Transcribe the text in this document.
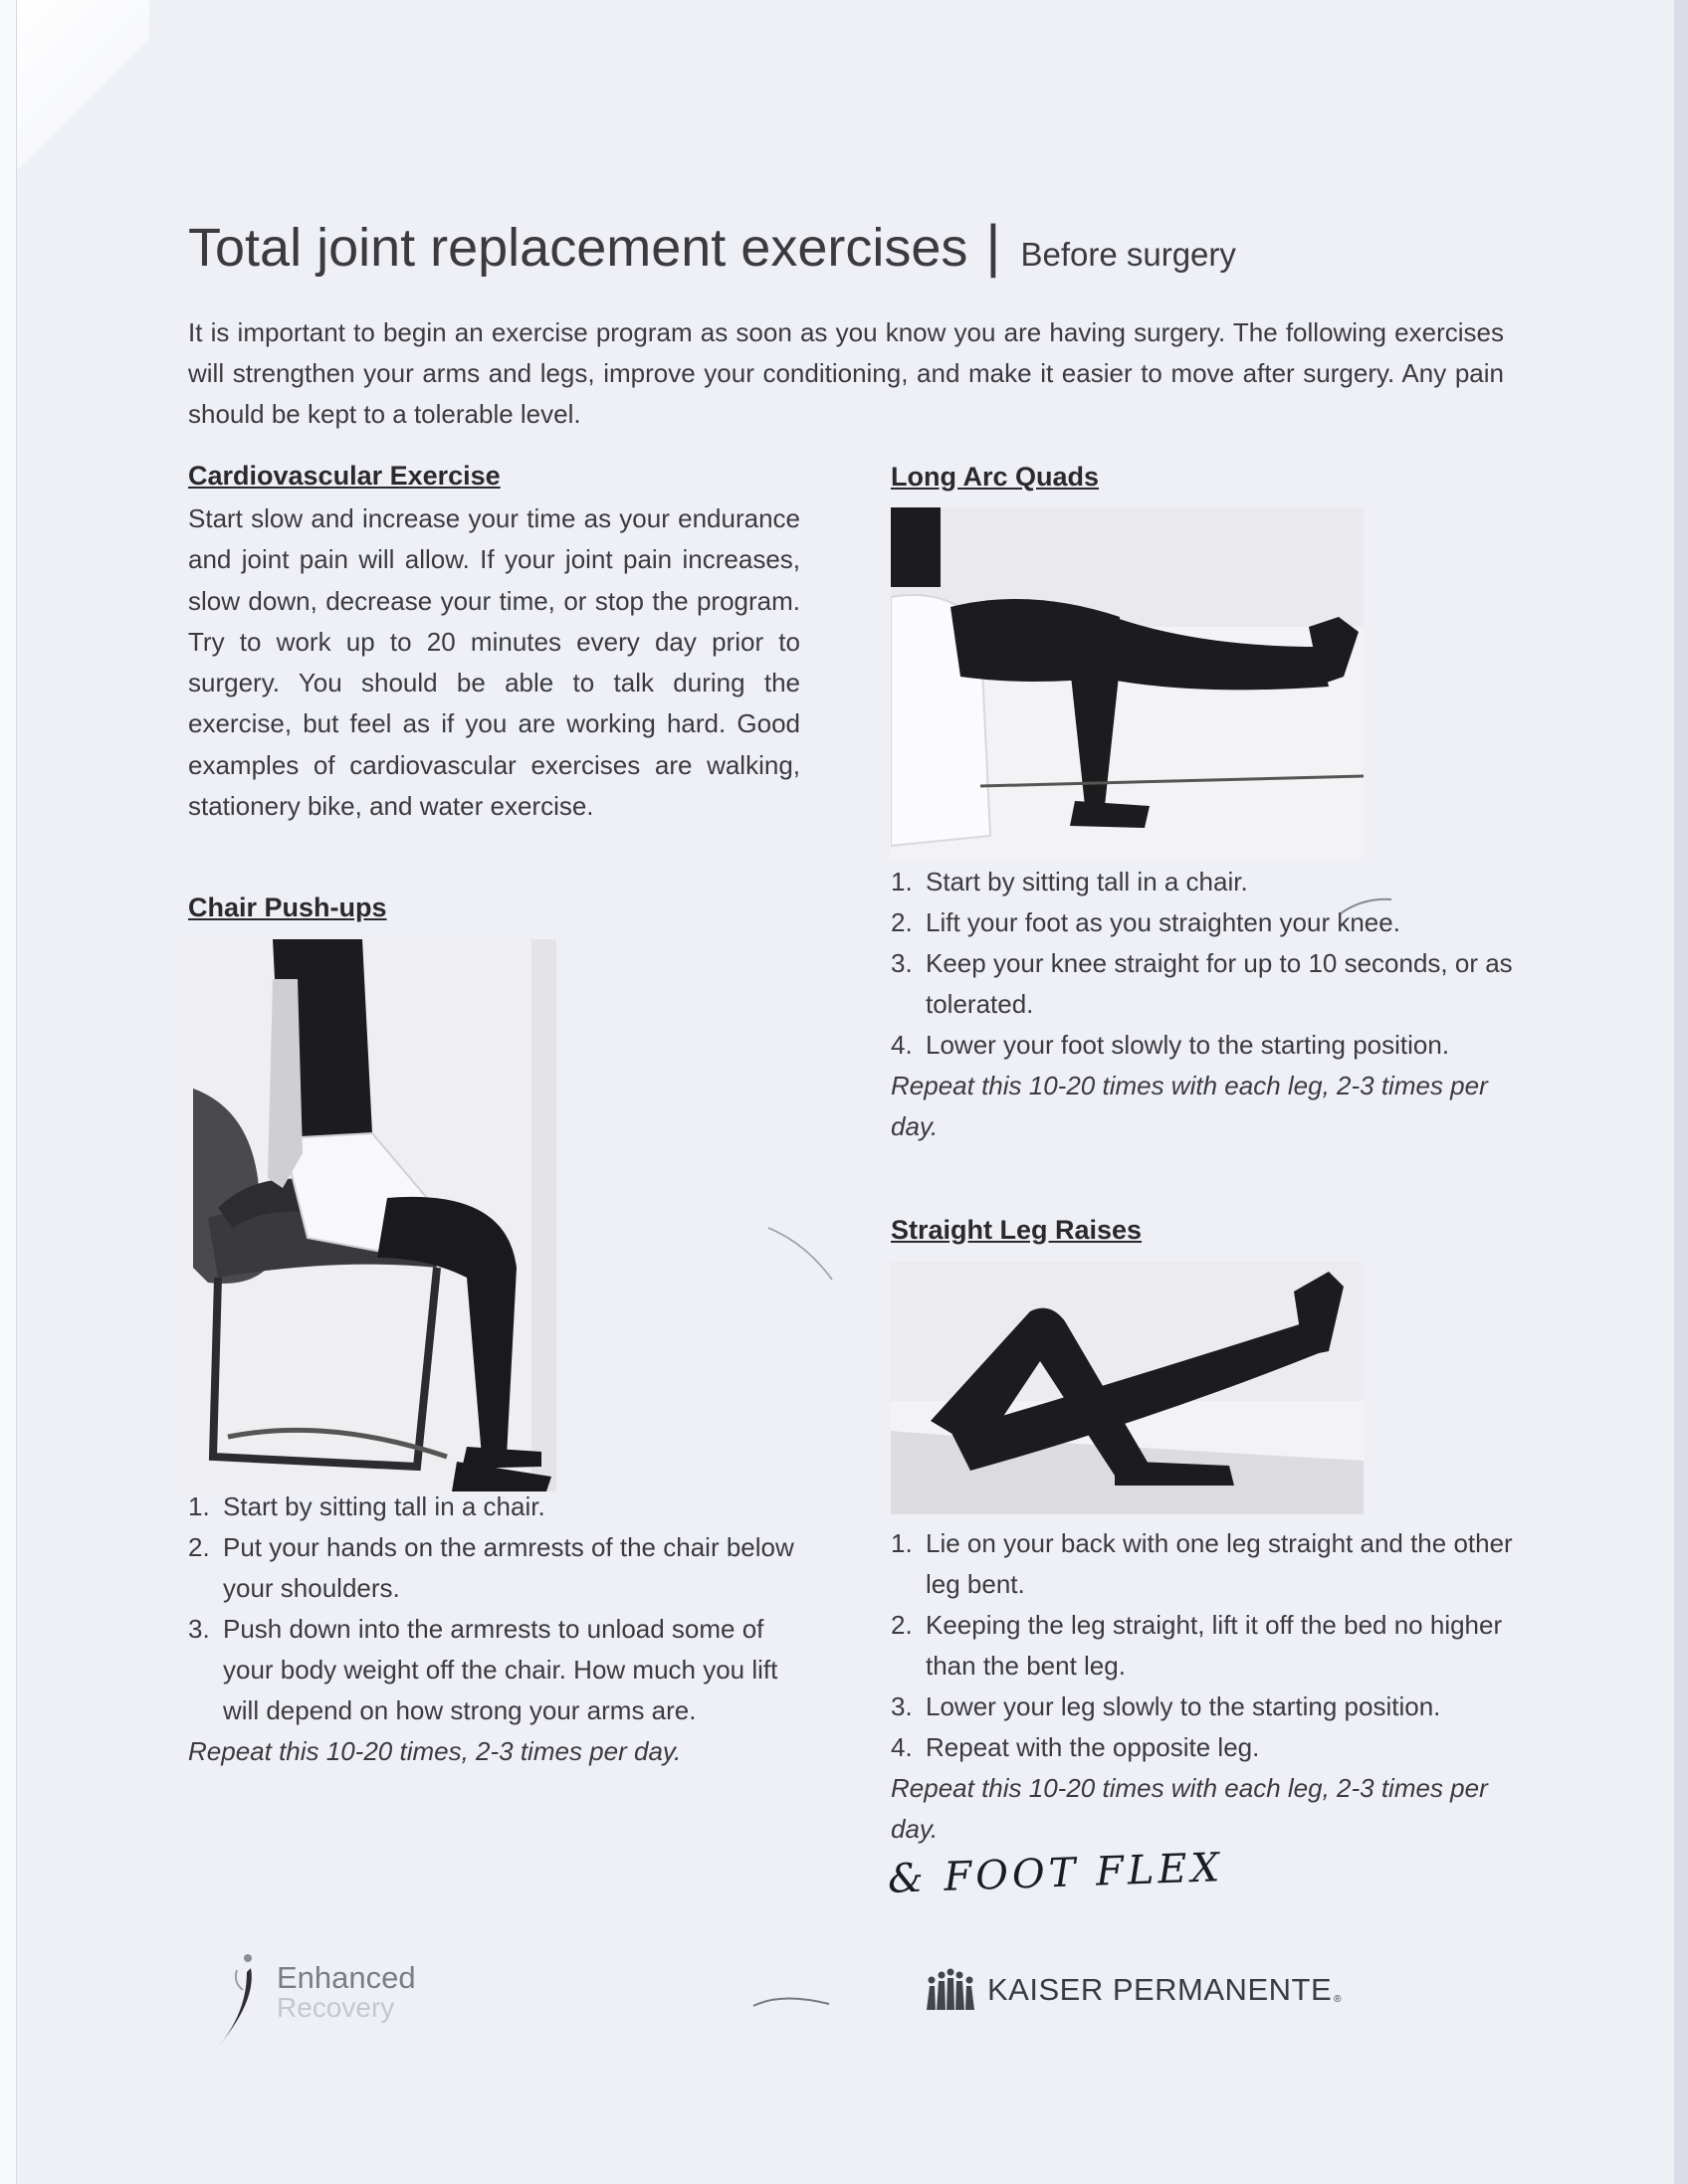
Total joint replacement exercises | Before surgery

It is important to begin an exercise program as soon as you know you are having surgery. The following exercises will strengthen your arms and legs, improve your conditioning, and make it easier to move after surgery. Any pain should be kept to a tolerable level.

Cardiovascular Exercise

Start slow and increase your time as your endurance and joint pain will allow. If your joint pain increases, slow down, decrease your time, or stop the program. Try to work up to 20 minutes every day prior to surgery. You should be able to talk during the exercise, but feel as if you are working hard. Good examples of cardiovascular exercises are walking, stationery bike, and water exercise.

Chair Push-ups
1. Start by sitting tall in a chair.
2. Put your hands on the armrests of the chair below your shoulders.
3. Push down into the armrests to unload some of your body weight off the chair. How much you lift will depend on how strong your arms are.

Repeat this 10-20 times, 2-3 times per day.

Long Arc Quads
1. Start by sitting tall in a chair.
2. Lift your foot as you straighten your knee.
3. Keep your knee straight for up to 10 seconds, or as tolerated.
4. Lower your foot slowly to the starting position.

Repeat this 10-20 times with each leg, 2-3 times per day.

Straight Leg Raises
1. Lie on your back with one leg straight and the other leg bent.
2. Keeping the leg straight, lift it off the bed no higher than the bent leg.
3. Lower your leg slowly to the starting position.
4. Repeat with the opposite leg.

Repeat this 10-20 times with each leg, 2-3 times per day.

& FOOT FLEX

Enhanced

Recovery

KAISER PERMANENTE ®
